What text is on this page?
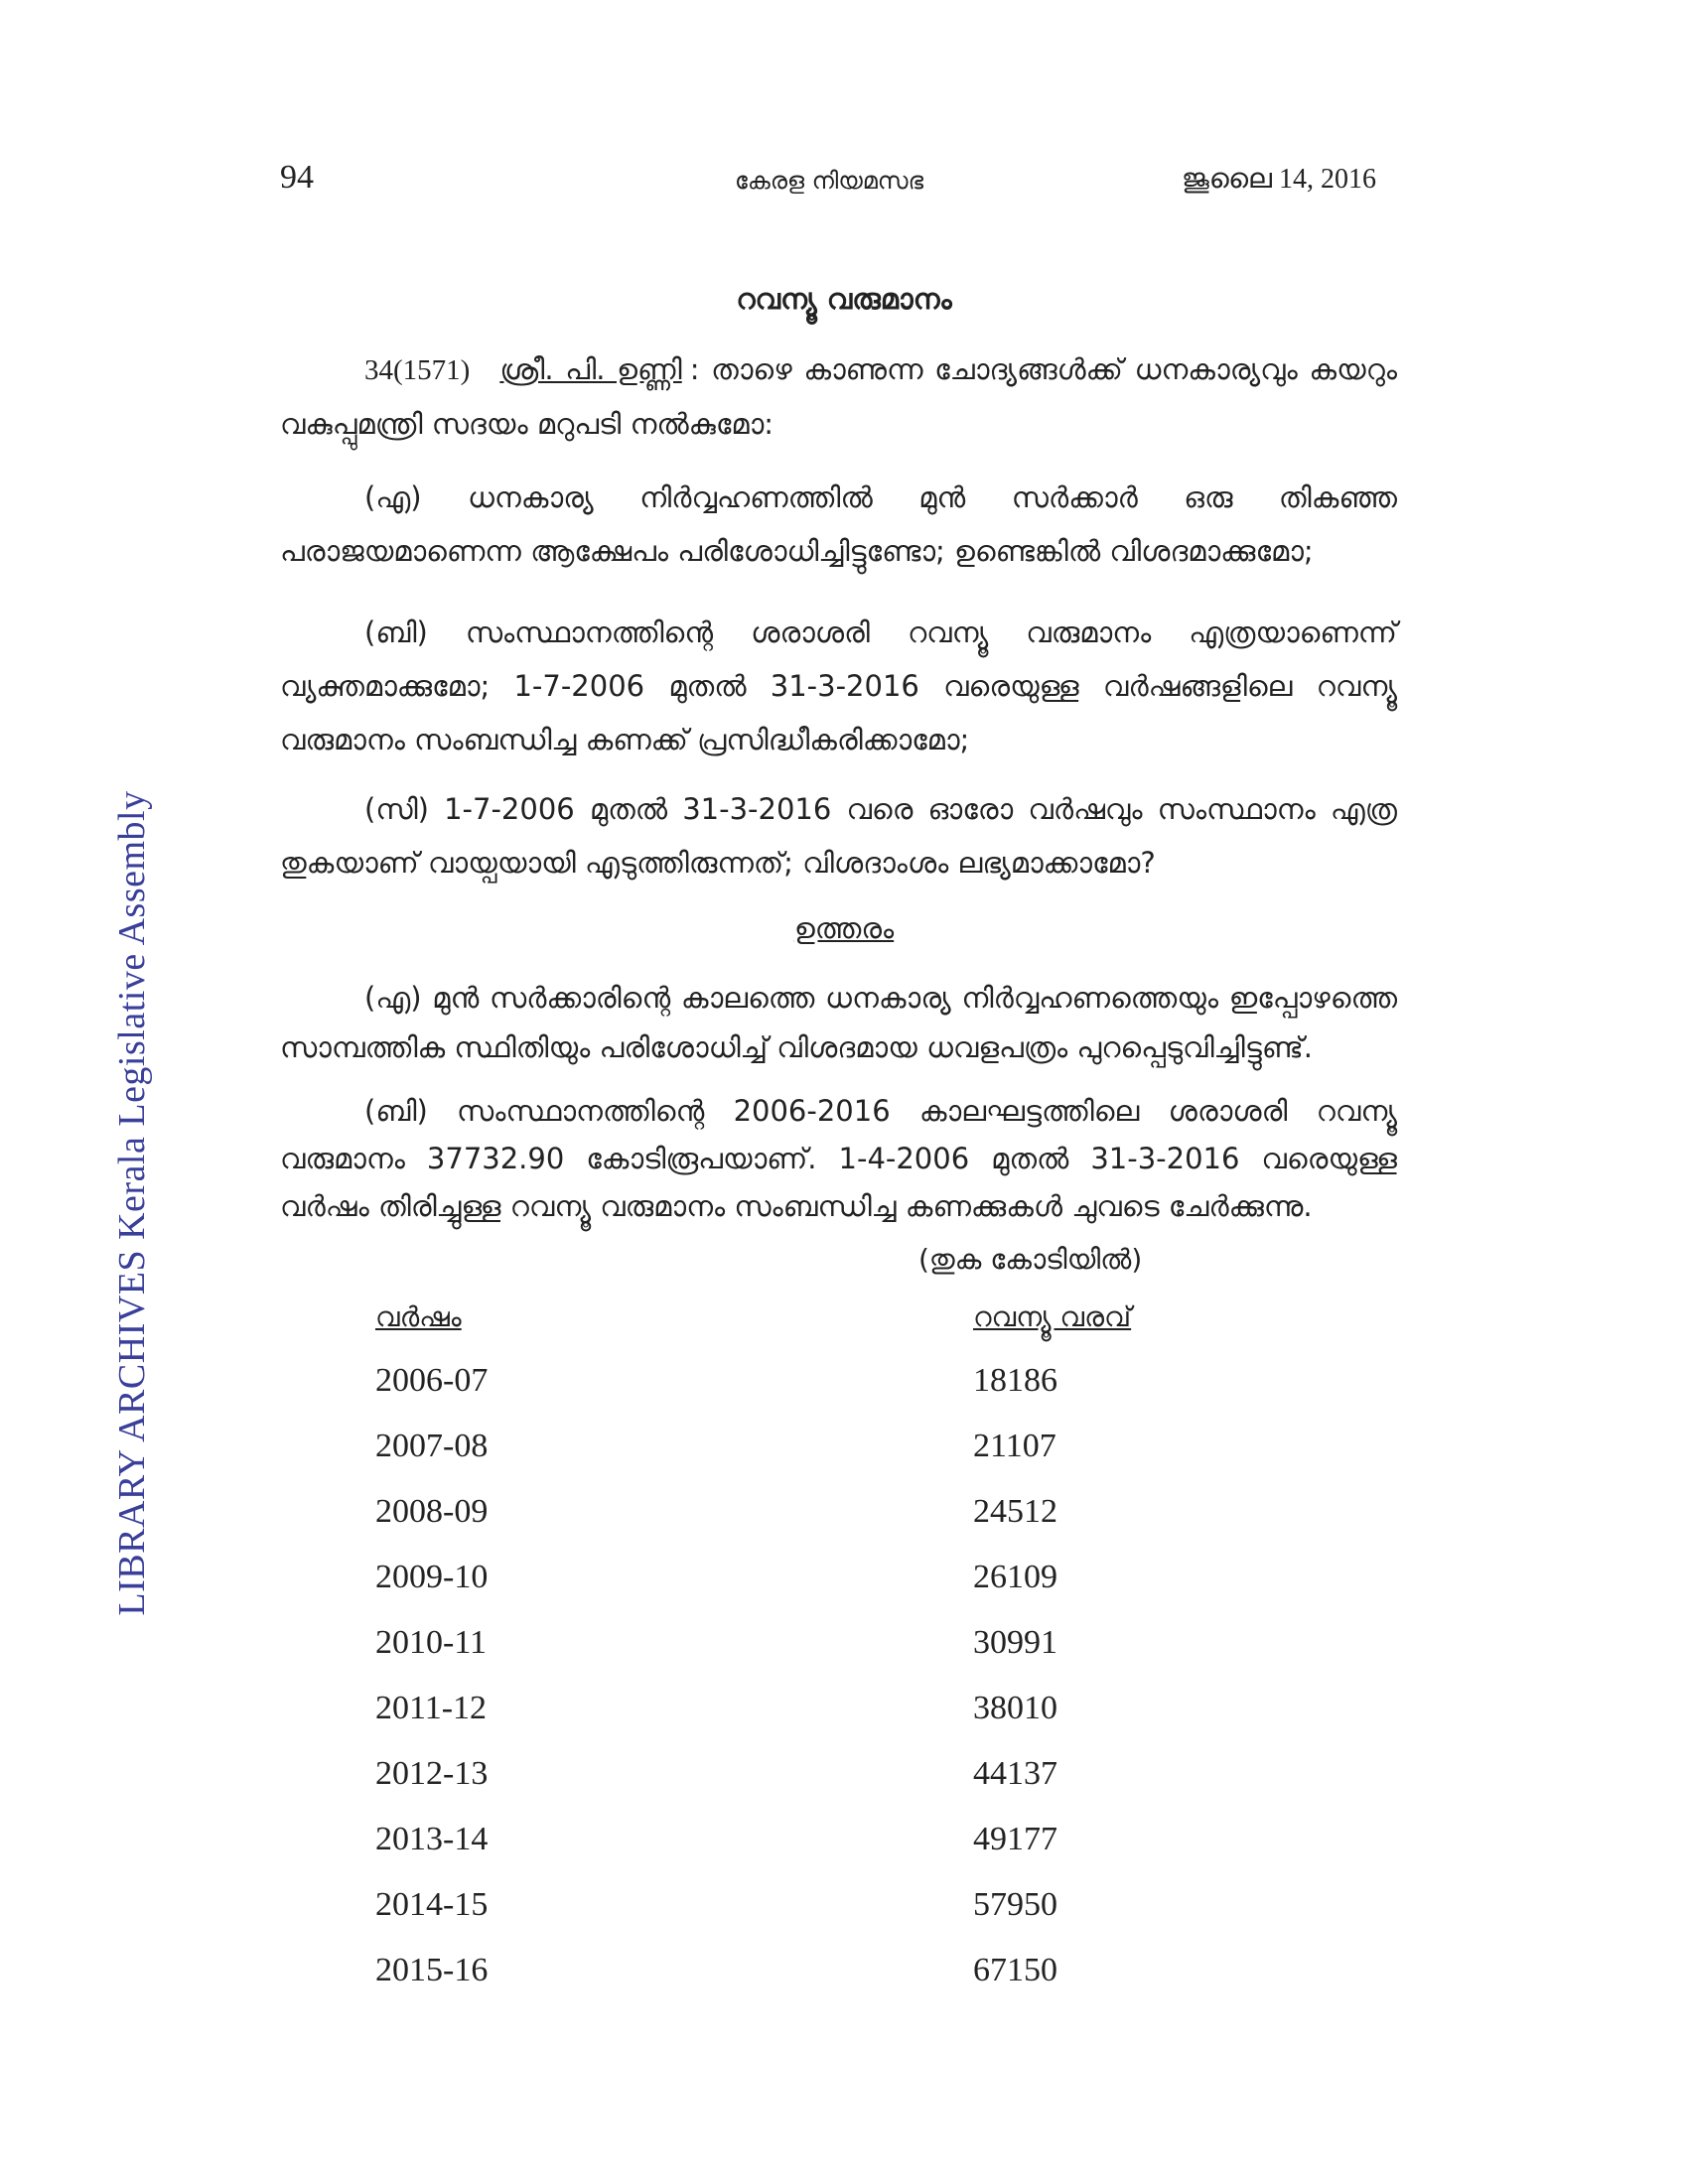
94	കേരള നിയമസഭ	ജൂലൈ 14, 2016
LIBRARY ARCHIVES Kerala Legislative Assembly
റവന്യൂ വരുമാനം
34(1571) ശ്രീ. പി. ഉണ്ണി : താഴെ കാണുന്ന ചോദ്യങ്ങൾക്ക് ധനകാര്യവും കയറും വകുപ്പുമന്ത്രി സദയം മറുപടി നൽകുമോ:
(എ) ധനകാര്യ നിർവ്വഹണത്തിൽ മുൻ സർക്കാർ ഒരു തികഞ്ഞ പരാജയമാണെന്ന ആക്ഷേപം പരിശോധിച്ചിട്ടുണ്ടോ; ഉണ്ടെങ്കിൽ വിശദമാക്കുമോ;
(ബി) സംസ്ഥാനത്തിന്റെ ശരാശരി റവന്യൂ വരുമാനം എത്രയാണെന്ന് വ്യക്തമാക്കുമോ; 1-7-2006 മുതൽ 31-3-2016 വരെയുള്ള വർഷങ്ങളിലെ റവന്യൂ വരുമാനം സംബന്ധിച്ച കണക്ക് പ്രസിദ്ധീകരിക്കാമോ;
(സി) 1-7-2006 മുതൽ 31-3-2016 വരെ ഓരോ വർഷവും സംസ്ഥാനം എത്ര തുകയാണ് വായ്പയായി എടുത്തിരുന്നത്; വിശദാംശം ലഭ്യമാക്കാമോ?
ഉത്തരം
(എ) മുൻ സർക്കാരിന്റെ കാലത്തെ ധനകാര്യ നിർവ്വഹണത്തെയും ഇപ്പോഴത്തെ സാമ്പത്തിക സ്ഥിതിയും പരിശോധിച്ച് വിശദമായ ധവളപത്രം പുറപ്പെടുവിച്ചിട്ടുണ്ട്.
(ബി) സംസ്ഥാനത്തിന്റെ 2006-2016 കാലഘട്ടത്തിലെ ശരാശരി റവന്യൂ വരുമാനം 37732.90 കോടിരൂപയാണ്. 1-4-2006 മുതൽ 31-3-2016 വരെയുള്ള വർഷം തിരിച്ചുള്ള റവന്യൂ വരുമാനം സംബന്ധിച്ച കണക്കുകൾ ചുവടെ ചേർക്കുന്നു.
(തുക കോടിയിൽ)
വർഷം	റവന്യൂ വരവ്
2006-07	18186
2007-08	21107
2008-09	24512
2009-10	26109
2010-11	30991
2011-12	38010
2012-13	44137
2013-14	49177
2014-15	57950
2015-16	67150
